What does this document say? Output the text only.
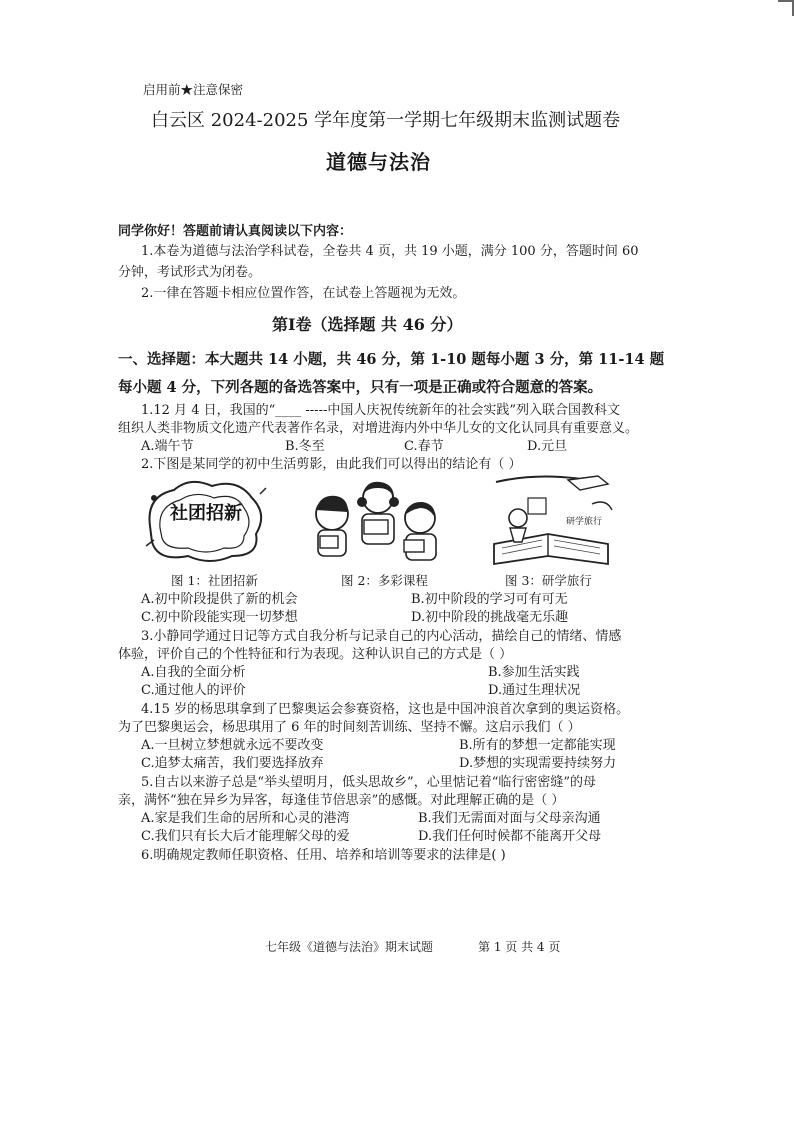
启用前★注意保密
白云区 2024-2025 学年度第一学期七年级期末监测试题卷
道德与法治
同学你好！答题前请认真阅读以下内容：
1.本卷为道德与法治学科试卷，全卷共 4 页，共 19 小题，满分 100 分，答题时间 60
分钟，考试形式为闭卷。
2.一律在答题卡相应位置作答，在试卷上答题视为无效。
第Ⅰ卷（选择题 共 46 分）
一、选择题：本大题共 14 小题，共 46 分，第 1-10 题每小题 3 分，第 11-14 题
每小题 4 分，下列各题的备选答案中，只有一项是正确或符合题意的答案。
1.12 月 4 日，我国的“____ -----中国人庆祝传统新年的社会实践”列入联合国教科文
组织人类非物质文化遗产代表著作名录，对增进海内外中华儿女的文化认同具有重要意义。
A.端午节	B.冬至	C.春节	D.元旦
2.下图是某同学的初中生活剪影，由此我们可以得出的结论有（ ）
社团招新	研学旅行
图 1：社团招新	图 2：多彩课程	图 3：研学旅行
A.初中阶段提供了新的机会	B.初中阶段的学习可有可无
C.初中阶段能实现一切梦想	D.初中阶段的挑战毫无乐趣
3.小静同学通过日记等方式自我分析与记录自己的内心活动，描绘自己的情绪、情感
体验，评价自己的个性特征和行为表现。这种认识自己的方式是（ ）
A.自我的全面分析	B.参加生活实践
C.通过他人的评价	D.通过生理状况
4.15 岁的杨思琪拿到了巴黎奥运会参赛资格，这也是中国冲浪首次拿到的奥运资格。
为了巴黎奥运会，杨思琪用了 6 年的时间刻苦训练、坚持不懈。这启示我们（ ）
A.一旦树立梦想就永远不要改变	B.所有的梦想一定都能实现
C.追梦太痛苦，我们要选择放弃	D.梦想的实现需要持续努力
5.自古以来游子总是“举头望明月，低头思故乡”，心里惦记着“临行密密缝”的母
亲，满怀“独在异乡为异客，每逢佳节倍思亲”的感慨。对此理解正确的是（ ）
A.家是我们生命的居所和心灵的港湾	B.我们无需面对面与父母亲沟通
C.我们只有长大后才能理解父母的爱	D.我们任何时候都不能离开父母
6.明确规定教师任职资格、任用、培养和培训等要求的法律是( )
七年级《道德与法治》期末试题	第 1 页 共 4 页
